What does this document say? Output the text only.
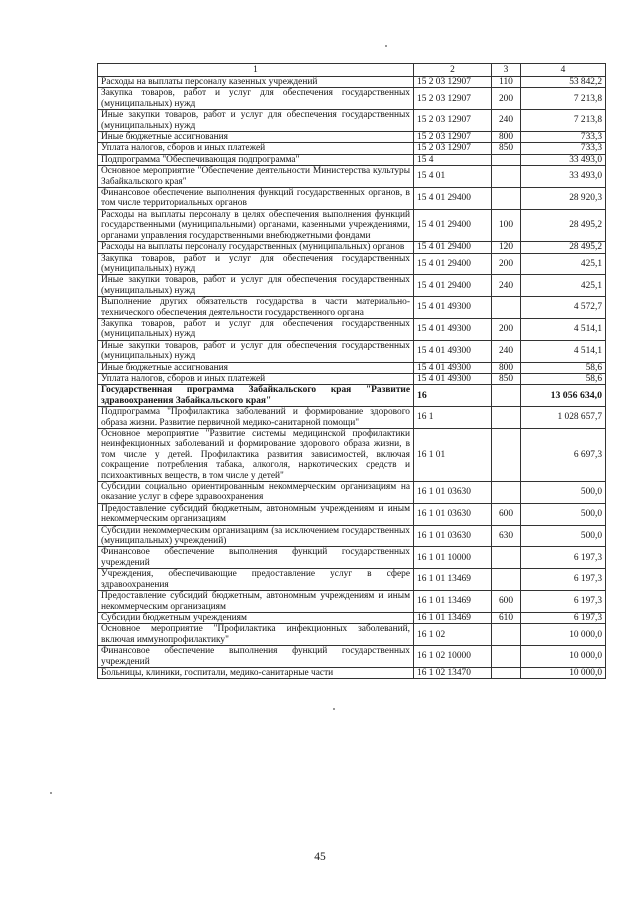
1	2	3	4
Расходы на выплаты персоналу казенных учреждений	15 2 03 12907	110	53 842,2
Закупка товаров, работ и услуг для обеспечения государственных (муниципальных) нужд	15 2 03 12907	200	7 213,8
Иные закупки товаров, работ и услуг для обеспечения государственных (муниципальных) нужд	15 2 03 12907	240	7 213,8
Иные бюджетные ассигнования	15 2 03 12907	800	733,3
Уплата налогов, сборов и иных платежей	15 2 03 12907	850	733,3
Подпрограмма "Обеспечивающая подпрограмма"	15 4		33 493,0
Основное мероприятие "Обеспечение деятельности Министерства культуры Забайкальского края"	15 4 01		33 493,0
Финансовое обеспечение выполнения функций государственных органов, в том числе территориальных органов	15 4 01 29400		28 920,3
Расходы на выплаты персоналу в целях обеспечения выполнения функций государственными (муниципальными) органами, казенными учреждениями, органами управления государственными внебюджетными фондами	15 4 01 29400	100	28 495,2
Расходы на выплаты персоналу государственных (муниципальных) органов	15 4 01 29400	120	28 495,2
Закупка товаров, работ и услуг для обеспечения государственных (муниципальных) нужд	15 4 01 29400	200	425,1
Иные закупки товаров, работ и услуг для обеспечения государственных (муниципальных) нужд	15 4 01 29400	240	425,1
Выполнение других обязательств государства в части материально-технического обеспечения деятельности государственного органа	15 4 01 49300		4 572,7
Закупка товаров, работ и услуг для обеспечения государственных (муниципальных) нужд	15 4 01 49300	200	4 514,1
Иные закупки товаров, работ и услуг для обеспечения государственных (муниципальных) нужд	15 4 01 49300	240	4 514,1
Иные бюджетные ассигнования	15 4 01 49300	800	58,6
Уплата налогов, сборов и иных платежей	15 4 01 49300	850	58,6
Государственная программа Забайкальского края "Развитие здравоохранения Забайкальского края"	16		13 056 634,0
Подпрограмма "Профилактика заболеваний и формирование здорового образа жизни. Развитие первичной медико-санитарной помощи"	16 1		1 028 657,7
Основное мероприятие "Развитие системы медицинской профилактики неинфекционных заболеваний и формирование здорового образа жизни, в том числе у детей. Профилактика развития зависимостей, включая сокращение потребления табака, алкоголя, наркотических средств и психоактивных веществ, в том числе у детей"	16 1 01		6 697,3
Субсидии социально ориентированным некоммерческим организациям на оказание услуг в сфере здравоохранения	16 1 01 03630		500,0
Предоставление субсидий бюджетным, автономным учреждениям и иным некоммерческим организациям	16 1 01 03630	600	500,0
Субсидии некоммерческим организациям (за исключением государственных (муниципальных) учреждений)	16 1 01 03630	630	500,0
Финансовое обеспечение выполнения функций государственных учреждений	16 1 01 10000		6 197,3
Учреждения, обеспечивающие предоставление услуг в сфере здравоохранения	16 1 01 13469		6 197,3
Предоставление субсидий бюджетным, автономным учреждениям и иным некоммерческим организациям	16 1 01 13469	600	6 197,3
Субсидии бюджетным учреждениям	16 1 01 13469	610	6 197,3
Основное мероприятие "Профилактика инфекционных заболеваний, включая иммунопрофилактику"	16 1 02		10 000,0
Финансовое обеспечение выполнения функций государственных учреждений	16 1 02 10000		10 000,0
Больницы, клиники, госпитали, медико-санитарные части	16 1 02 13470		10 000,0
45
